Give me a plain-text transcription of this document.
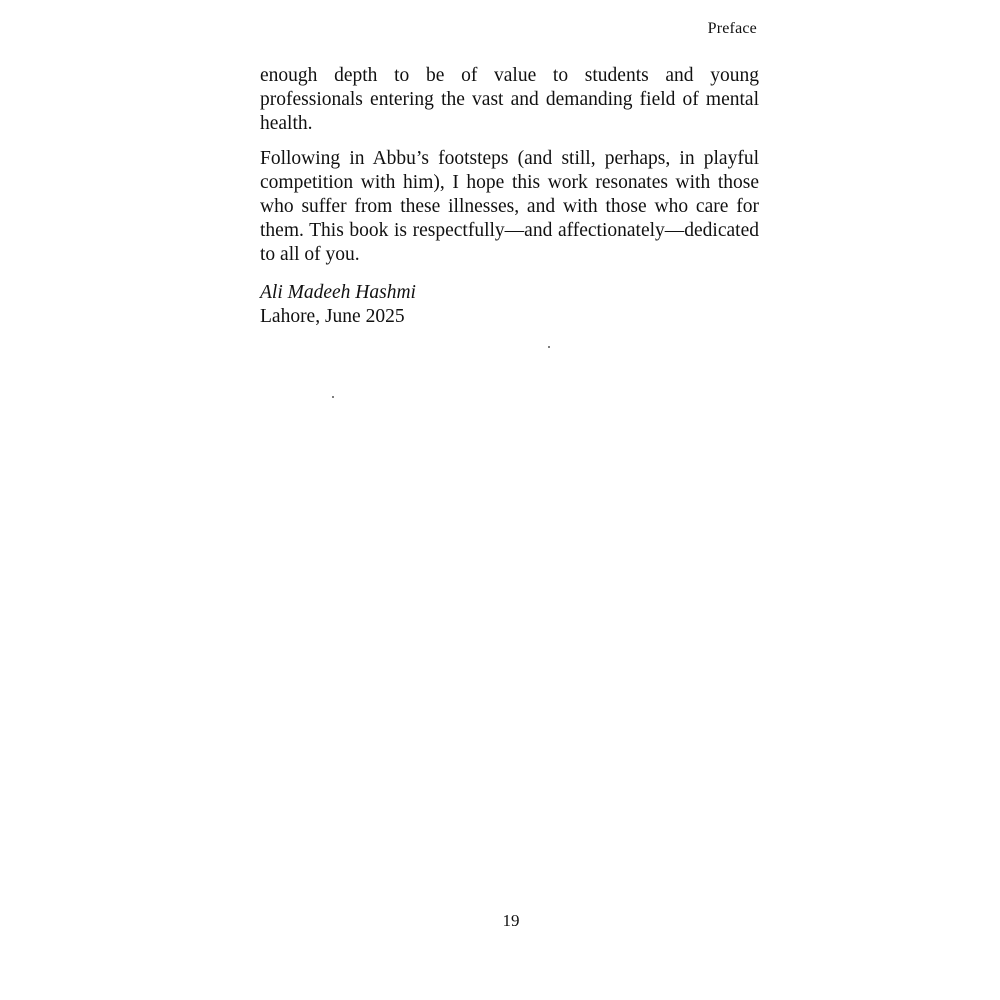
Preface

enough depth to be of value to students and young professionals entering the vast and demanding field of mental health.

Following in Abbu’s footsteps (and still, perhaps, in playful competition with him), I hope this work resonates with those who suffer from these illnesses, and with those who care for them. This book is respectfully—and affectionately—dedicated to all of you.

Ali Madeeh Hashmi
Lahore, June 2025
19
